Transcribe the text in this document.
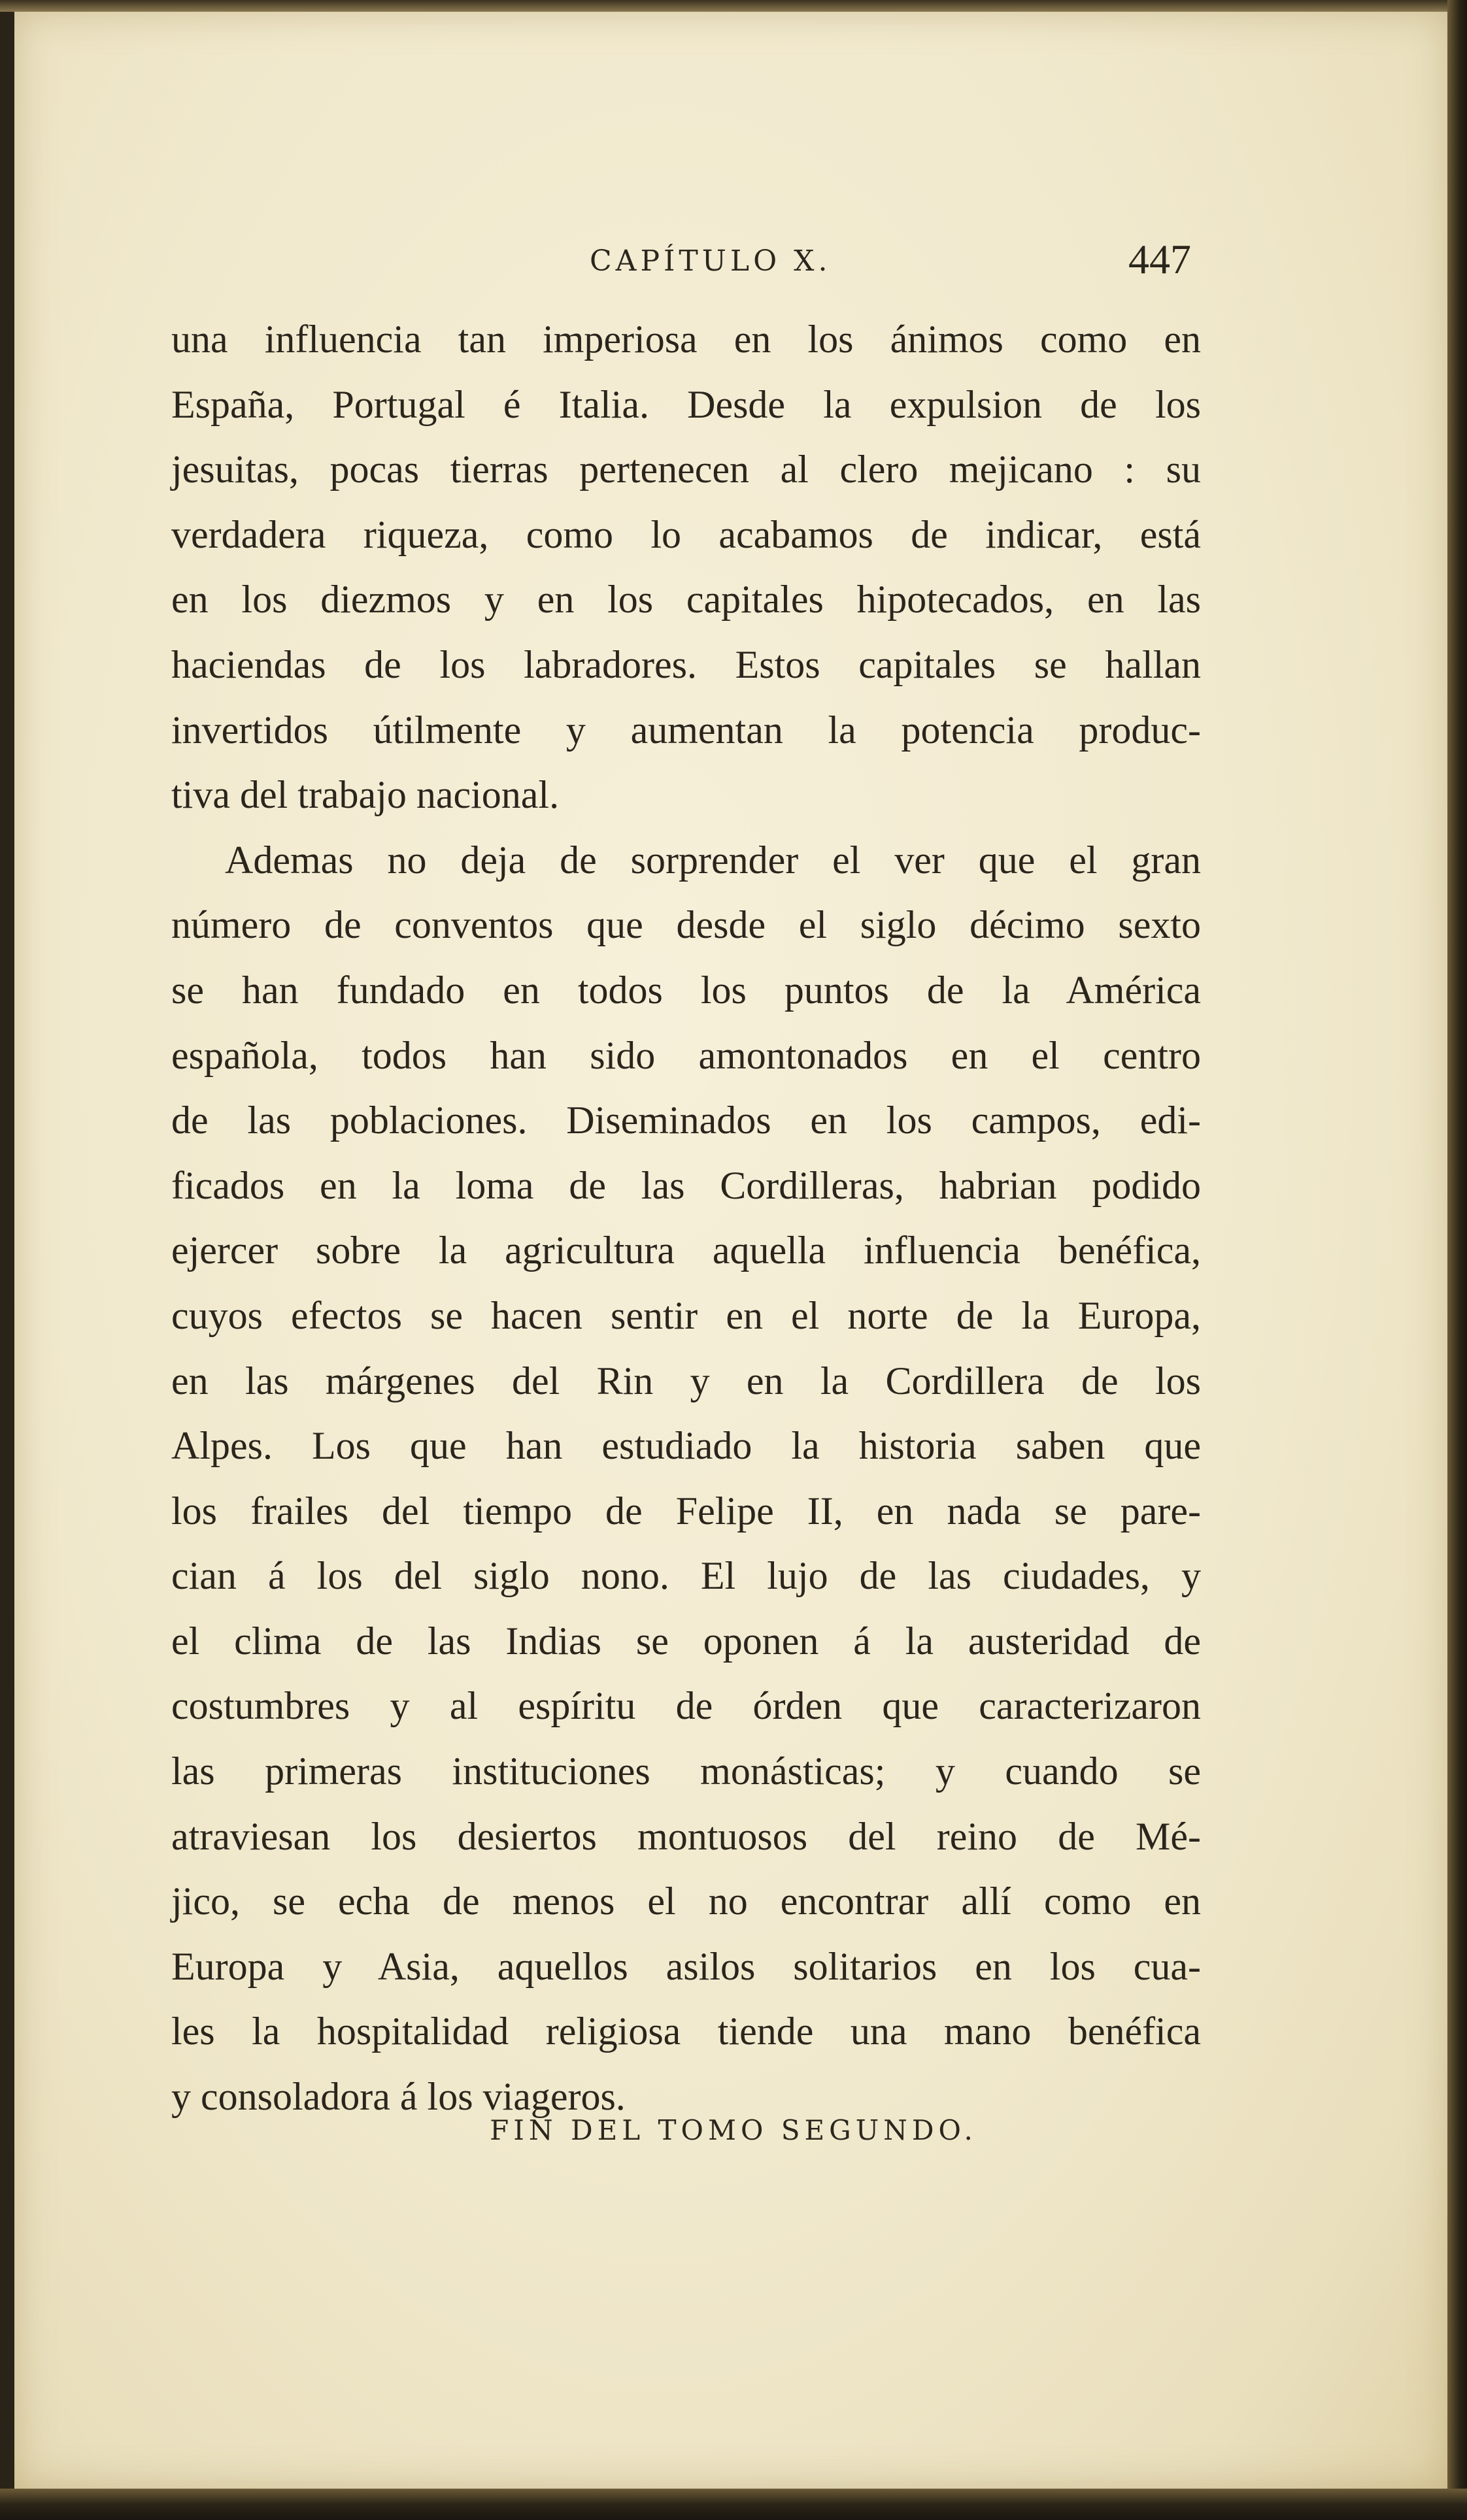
CAPÍTULO X.	447
una influencia tan imperiosa en los ánimos como en
España, Portugal é Italia. Desde la expulsion de los
jesuitas, pocas tierras pertenecen al clero mejicano : su
verdadera riqueza, como lo acabamos de indicar, está
en los diezmos y en los capitales hipotecados, en las
haciendas de los labradores. Estos capitales se hallan
invertidos útilmente y aumentan la potencia produc-
tiva del trabajo nacional.
Ademas no deja de sorprender el ver que el gran
número de conventos que desde el siglo décimo sexto
se han fundado en todos los puntos de la América
española, todos han sido amontonados en el centro
de las poblaciones. Diseminados en los campos, edi-
ficados en la loma de las Cordilleras, habrian podido
ejercer sobre la agricultura aquella influencia benéfica,
cuyos efectos se hacen sentir en el norte de la Europa,
en las márgenes del Rin y en la Cordillera de los
Alpes. Los que han estudiado la historia saben que
los frailes del tiempo de Felipe II, en nada se pare-
cian á los del siglo nono. El lujo de las ciudades, y
el clima de las Indias se oponen á la austeridad de
costumbres y al espíritu de órden que caracterizaron
las primeras instituciones monásticas; y cuando se
atraviesan los desiertos montuosos del reino de Mé-
jico, se echa de menos el no encontrar allí como en
Europa y Asia, aquellos asilos solitarios en los cua-
les la hospitalidad religiosa tiende una mano benéfica
y consoladora á los viageros.
FIN DEL TOMO SEGUNDO.
